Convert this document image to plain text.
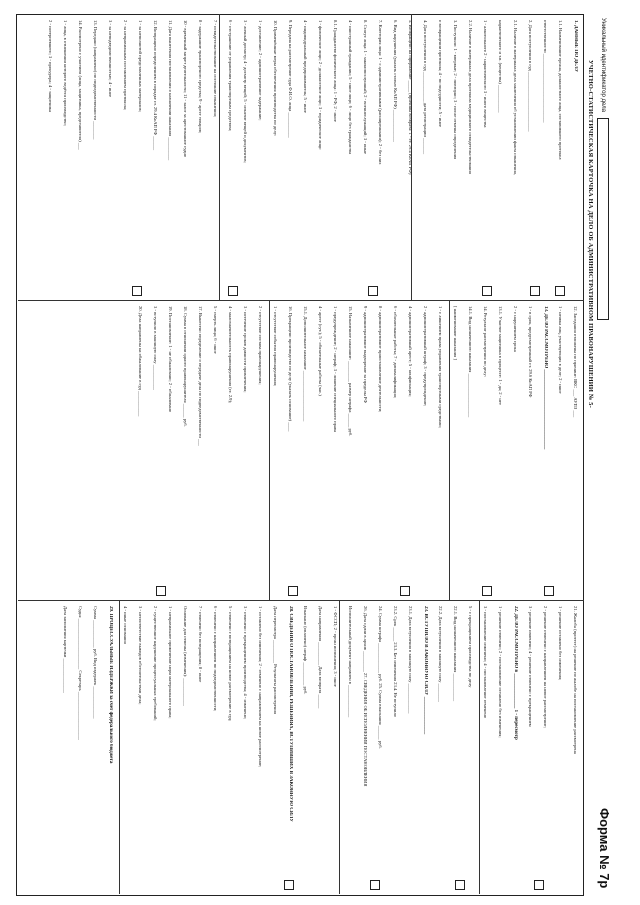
Уникальный идентификатор дела
Форма № 7р
УЧЕТНО-СТАТИСТИЧЕСКАЯ КАРТОЧКА НА ДЕЛО ОБ АДМИНИСТРАТИВНОМ ПРАВОНАРУШЕНИИ № 5-
1. ДАННЫЕ ПО ДЕЛУ
1.1. Наименование органа, должностного лица, составившего протокол
ответственности ______________________________
2. Дата поступления в суд __________________________
2.1. Наличие в материалах дела заключения об установлении факта опьянения,
наркотического и т.п. (вещества) ____________
1 - алкогольного 2 - наркотического 3 - иного вещества
2.2. Наличие в материалах дела протокола медицинского освидетельствования
3. Поступило: 1 - впервые; 2 - повторно; 3 - после отмены определения
о возвращении протокола; 4 - по подсудности; 5 - иное
4. Дата поступления в суд _____________ дата регистрации _______
5. Возвращено на оформление _____ (причины возврата: 1 - ст. 29.4 КоАП РФ)
6. Вид нарушения (указать статью КоАП РФ) ______________
7. Категория лица: 1 - с административными (расширенными); 2 - без них
8. Статус лица: 1 - законопослушный; 2 - военнослужащий; 3 - иные
4 - иностранный гражданин; 5 - иное лицо; 6 - лицо без гражданства
8.1. Гражданство физического лица: 1 - РФ; 2 - иное
1 - физическое лицо; 2 - должностное лицо; 3 - юридическое лицо
4 - индивидуальный предприниматель; 5 - иное
9. Передача на рассмотрение суда Ф.И.О. лица ___________
10. Применённые меры обеспечения производства по делу:
1 - доставление; 2 - административное задержание;
3 - личный досмотр; 4 - досмотр вещей; 5 - изъятие вещей и документов;
6 - отстранение от управления транспортным средством;
7 - освидетельствование на состояние опьянения;
8 - задержание транспортного средства; 9 - арест товаров;
10 - временный запрет деятельности; 11 - залог за арестованное судно
11. Дата вынесения постановления о назначении наказания __________
12. Возвращено определением в порядке ст. 29.4 КоАП РФ ______
1 - за неполнотой представленных материалов;
2 - за неправильным составлением протокола;
3 - за неподведомственностью; 4 - иное
13. Передано (направлено) по подведомственности ________
14. Рассмотрено с участием (лица, защитника, представителя) ___
1 - лица, в отношении которого ведётся производство;
2 - потерпевшего; 3 - прокурора; 4 - защитника
12. Заседания отложены по причине: ВКС ___ АУПЗ ___
1 - неявка лиц, участвующих в деле; 2 - иное
13. ДЕЛО РАССМОТРЕНО ________________________________
1 - в срок, предусмотренный ст. 29.6 КоАП РФ
2 - с нарушением срока
13.1. Участие защитника в процессе: 1 - да; 2 - нет
14. Результат рассмотрения по делу:
14.1. Вид назначенного наказания ___________________
[ наименование наказания ]
1 - с лишением права управления транспортными средствами;
2 - административный штраф; 3 - предупреждение;
4 - административный арест; 5 - конфискация;
6 - обязательные работы; 7 - дисквалификация;
8 - административное приостановление деятельности;
9 - административное выдворение за пределы РФ
15. Назначенное наказание: _________ размер штрафа ______ руб.
1 - предупреждение; 2 - штраф; 3 - лишение специального права
4 - арест (сут.); 5 - обязательные работы (час.)
15.1. Дополнительное наказание ______________________
16. Прекращено производство по делу (указать основание) ____
1 - отсутствие события правонарушения;
2 - отсутствие состава правонарушения;
3 - истечение сроков давности привлечения;
4 - малозначительность правонарушения (ст. 2.9);
5 - смерть лица; 6 - иное
17. Вынесено определение о передаче дела по подведомственности ___
18. Сумма в отношении одного правонарушителя ______ руб.
19. Постановление: 1 - не обжаловано; 2 - обжаловано
3 - вступило в законную силу ___________
20. Дела направлены на обжалование в суд ___________
21. Жалоба (протест) на решение по жалобе на постановление рассмотрена
1 - решение оставлено без изменения;
2 - решение отменено с направлением на новое рассмотрение;
3 - решение изменено; 4 - решение отменено с прекращением
22. ДЕЛО РАССМОТРЕНО в ______________ 1 - пересмотр
1 - решение отменено; 2 - постановление оставлено без изменения;
3 - постановление изменено; 4 - постановление отменено
5 - с прекращением производства по делу
22.1. Вид назначенного наказания ____________
22.2. Дата вступления в законную силу ________
23. ВСТУПИЛО В ЗАКОННУЮ СИЛУ _______________
23.1. Дата вступления в законную силу _____________
23.2. Срок ______ 23.3. Без изменения 23.4. Не вступило
24. Сумма штрафа _____________ руб. 25. Сумма взыскания ______ руб.
26. Дата сдачи в архив _________ 27. СВЕДЕНИЯ ОБ ИСПОЛНЕНИИ ПОСТАНОВЛЕНИЯ
Исполнительный документ направлен в ______________
1 - ФССП; 2 - орган исполнения; 3 - иное
Дата направления __________ Дата возврата ______
Взыскано (оплачено) штраф __________ руб.
28. СВЕДЕНИЯ О ПОСТАНОВЛЕНИИ, РЕШЕНИЯХ, ВСТУПИВШИХ В ЗАКОННУЮ СИЛУ
Дата пересмотра __________ Результаты рассмотрения
1 - оставлено без изменения; 2 - отменено с направлением на новое рассмотрение;
3 - отменено с прекращением производства; 4 - изменено;
5 - отменено с возвращением на новое рассмотрение в суд;
6 - отменено с направлением по подведомственности;
7 - отменено без возвращения; 8 - иное
Основание для отмены (изменения): ____________
1 - неправильное применение норм материального права;
2 - существенное нарушение процессуальных требований;
3 - несоответствие выводов обстоятельствам дела;
4 - иные основания
29. ПРОЦЕССУАЛЬНЫЕ ИЗДЕРЖКИ за счёт федерального бюджета
Сумма ____________ руб. Вид издержек ______________
Судья ______________________ Секретарь _____________________
Дата заполнения карточки _______________
